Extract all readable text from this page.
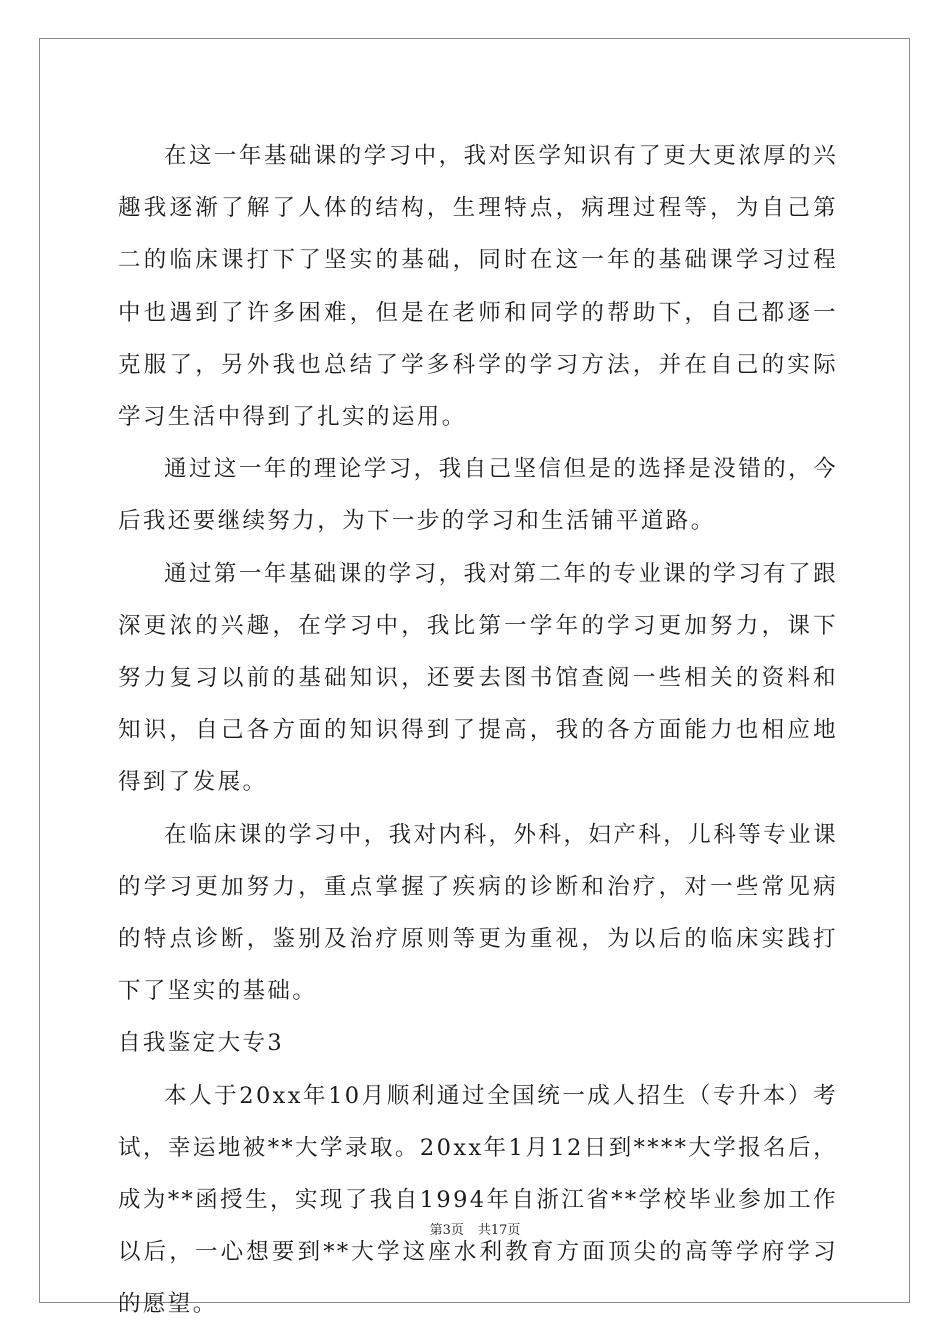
在这一年基础课的学习中，我对医学知识有了更大更浓厚的兴趣我逐渐了解了人体的结构，生理特点，病理过程等，为自己第二的临床课打下了坚实的基础，同时在这一年的基础课学习过程中也遇到了许多困难，但是在老师和同学的帮助下，自己都逐一克服了，另外我也总结了学多科学的学习方法，并在自己的实际学习生活中得到了扎实的运用。

通过这一年的理论学习，我自己坚信但是的选择是没错的，今后我还要继续努力，为下一步的学习和生活铺平道路。

通过第一年基础课的学习，我对第二年的专业课的学习有了跟深更浓的兴趣，在学习中，我比第一学年的学习更加努力，课下努力复习以前的基础知识，还要去图书馆查阅一些相关的资料和知识，自己各方面的知识得到了提高，我的各方面能力也相应地得到了发展。

在临床课的学习中，我对内科，外科，妇产科，儿科等专业课的学习更加努力，重点掌握了疾病的诊断和治疗，对一些常见病的特点诊断，鉴别及治疗原则等更为重视，为以后的临床实践打下了坚实的基础。

自我鉴定大专3

本人于20xx年10月顺利通过全国统一成人招生（专升本）考试，幸运地被**大学录取。20xx年1月12日到****大学报名后，成为**函授生，实现了我自1994年自浙江省**学校毕业参加工作以后，一心想要到**大学这座水利教育方面顶尖的高等学府学习的愿望。

第3页 共17页
